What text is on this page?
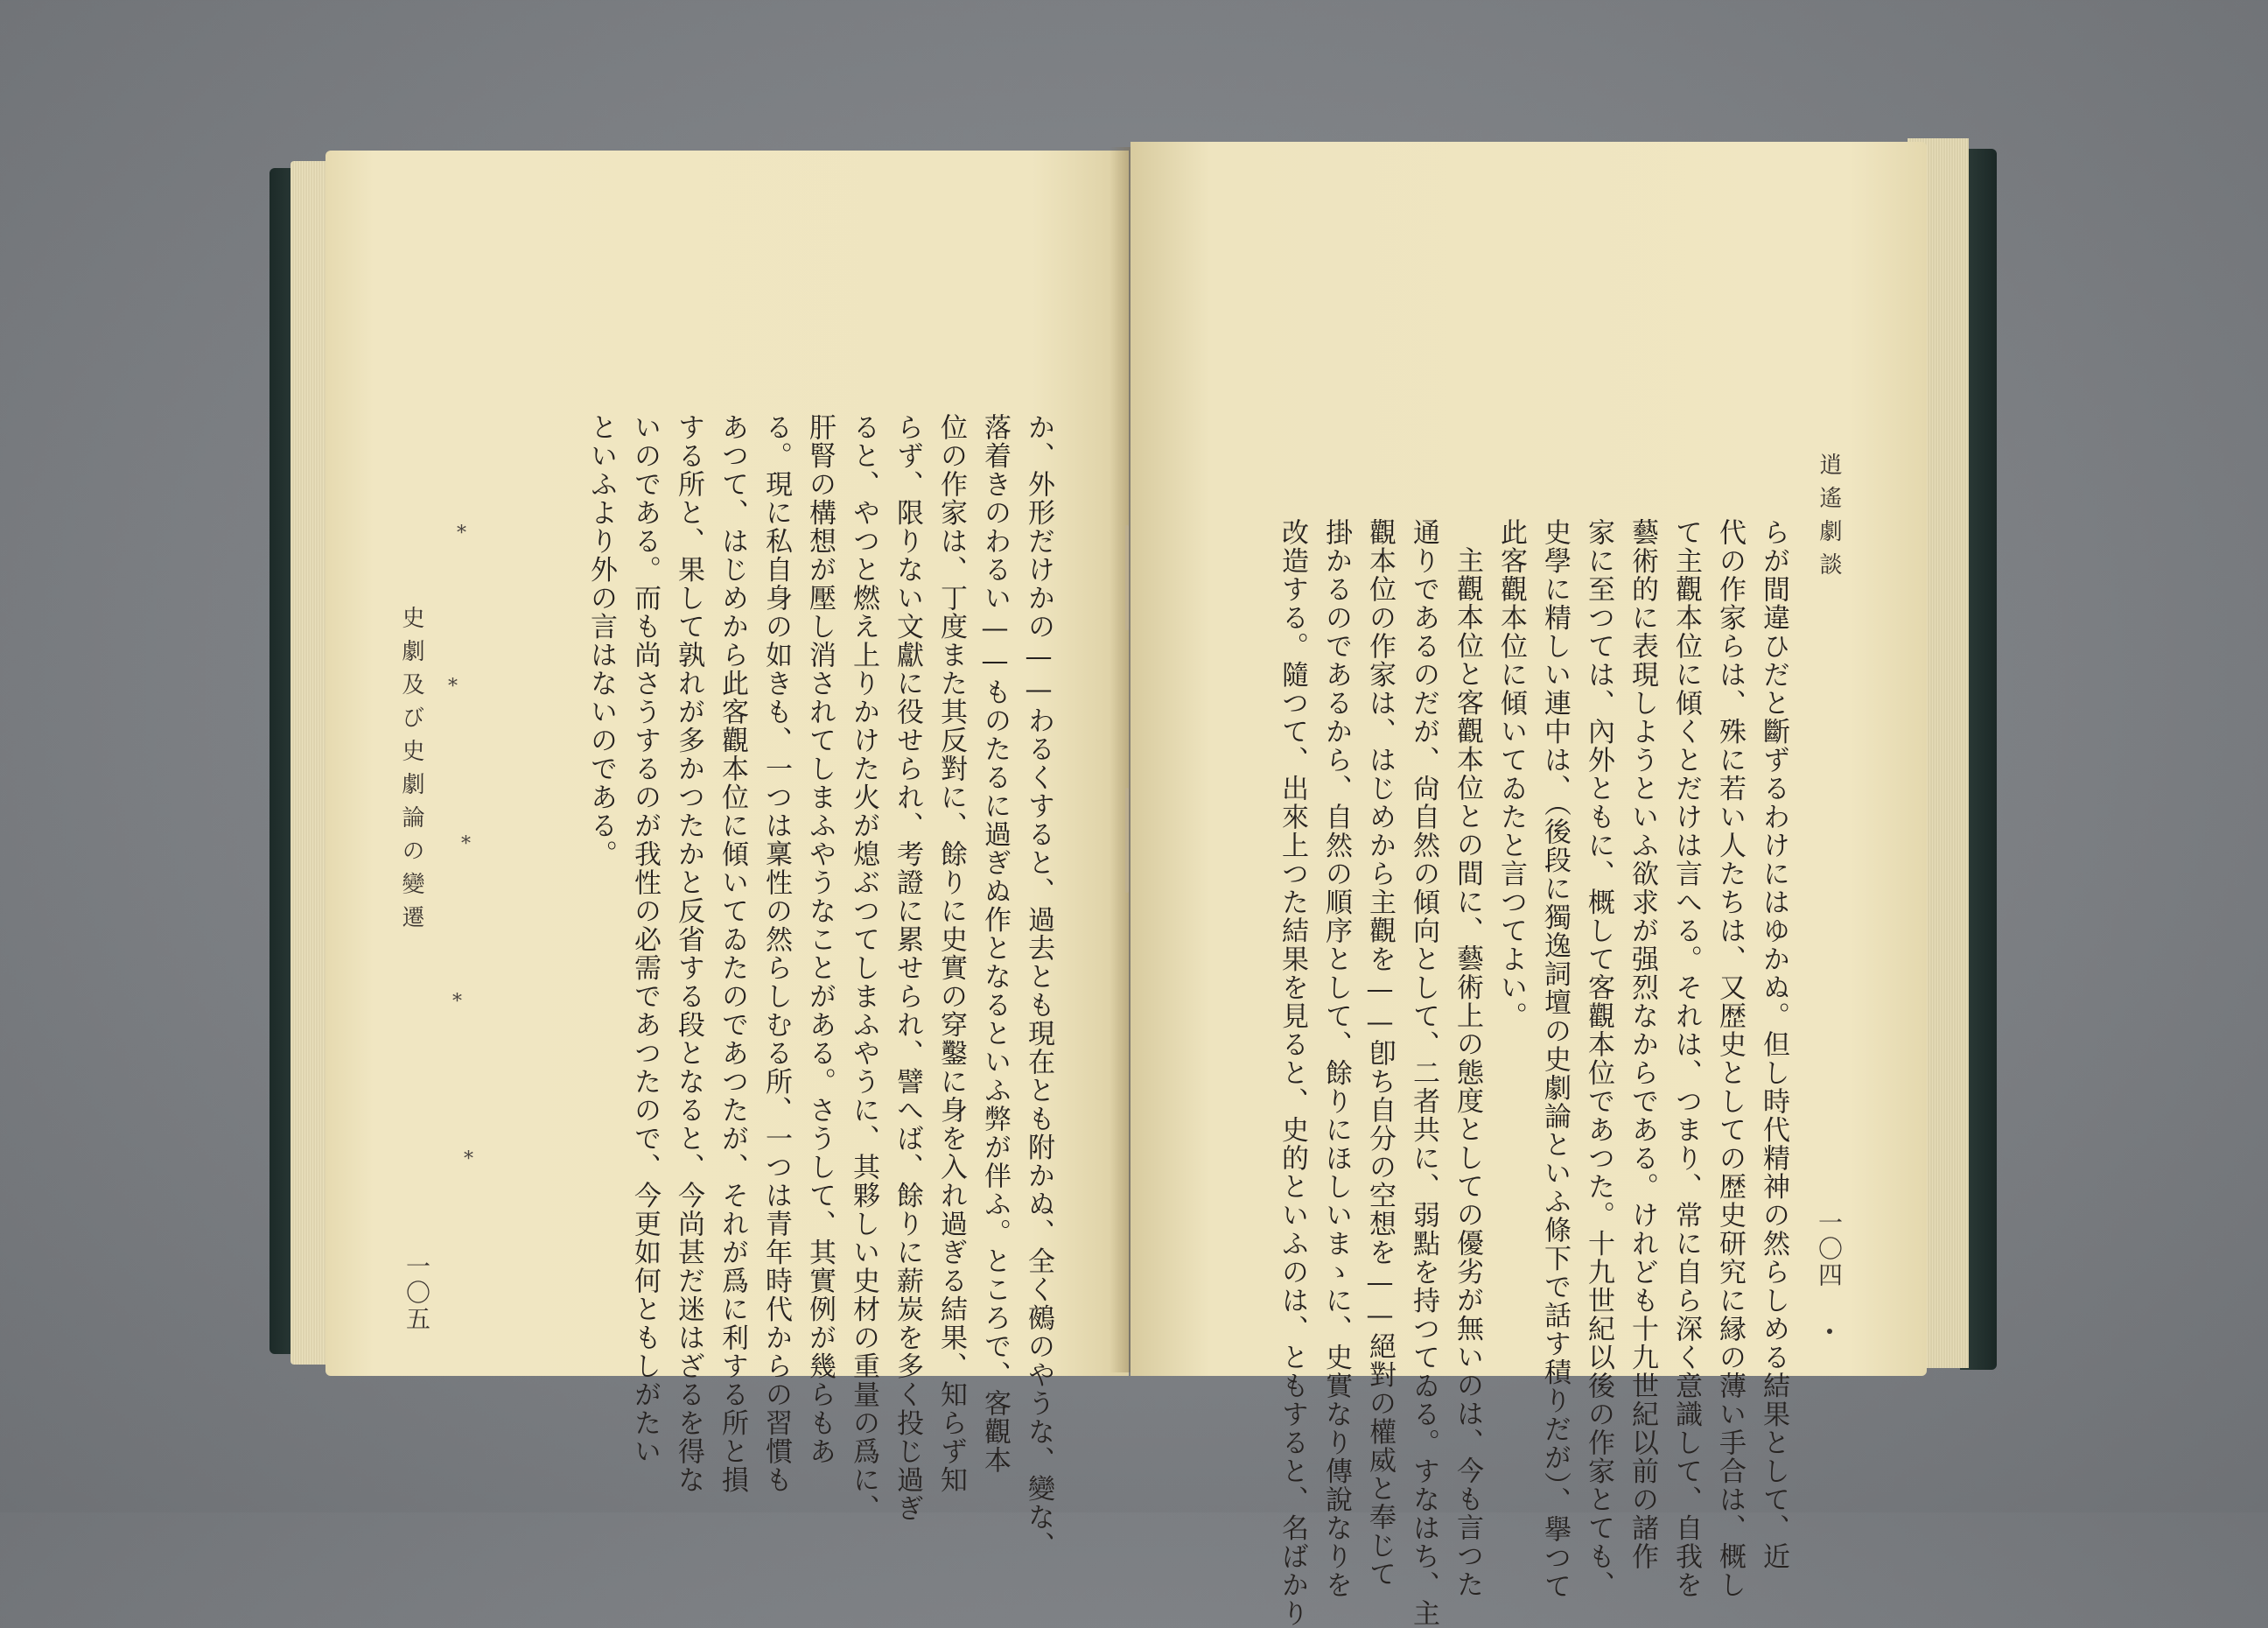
か、外形だけかの——わるくすると、過去とも現在とも附かぬ、全く鵺のやうな、變な、
落着きのわるい——ものたるに過ぎぬ作となるといふ弊が伴ふ。ところで、客觀本
位の作家は、丁度また其反對に、餘りに史實の穿鑿に身を入れ過ぎる結果、知らず知
らず、限りない文獻に役せられ、考證に累せられ、譬へば、餘りに薪炭を多く投じ過ぎ
ると、やつと燃え上りかけた火が熄ぶつてしまふやうに、其夥しい史材の重量の爲に、
肝腎の構想が壓し消されてしまふやうなことがある。さうして、其實例が幾らもあ
る。現に私自身の如きも、一つは稟性の然らしむる所、一つは青年時代からの習慣も
あつて、はじめから此客觀本位に傾いてゐたのであつたが、それが爲に利する所と損
する所と、果して孰れが多かつたかと反省する段となると、今尚甚だ迷はざるを得な
いのである。而も尚さうするのが我性の必需であつたので、今更如何ともしがたい
といふより外の言はないのである。
*
*
*
*
*
史劇及び史劇論の變遷
一〇五
逍遙劇談
一〇四
らが間違ひだと斷ずるわけにはゆかぬ。但し時代精神の然らしめる結果として、近
代の作家らは、殊に若い人たちは、又歴史としての歴史研究に縁の薄い手合は、概し
て主觀本位に傾くとだけは言へる。それは、つまり、常に自ら深く意識して、自我を
藝術的に表現しようといふ欲求が强烈なからである。けれども十九世紀以前の諸作
家に至つては、內外ともに、概して客觀本位であつた。十九世紀以後の作家とても、
史學に精しい連中は、（後段に獨逸詞壇の史劇論といふ條下で話す積りだが）、擧つて
此客觀本位に傾いてゐたと言つてよい。
主觀本位と客觀本位との間に、藝術上の態度としての優劣が無いのは、今も言つた
通りであるのだが、尙自然の傾向として、二者共に、弱點を持つてゐる。すなはち、主
觀本位の作家は、はじめから主觀を——卽ち自分の空想を——絕對の權威と奉じて
掛かるのであるから、自然の順序として、餘りにほしいまゝに、史實なり傳說なりを
改造する。隨つて、出來上つた結果を見ると、史的といふのは、ともすると、名ばかり
